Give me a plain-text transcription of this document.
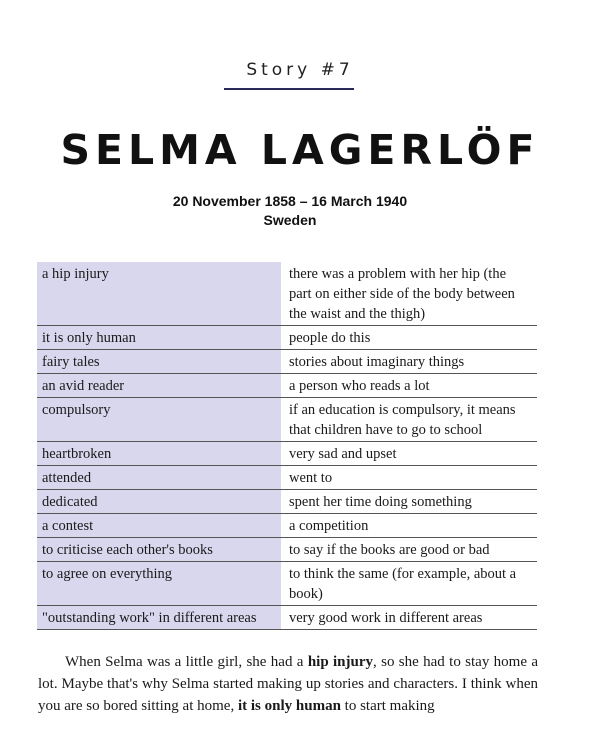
Story #7
SELMA LAGERLÖF
20 November 1858 – 16 March 1940
Sweden
a hip injury	there was a problem with her hip (the part on either side of the body between the waist and the thigh)
it is only human	people do this
fairy tales	stories about imaginary things
an avid reader	a person who reads a lot
compulsory	if an education is compulsory, it means that children have to go to school
heartbroken	very sad and upset
attended	went to
dedicated	spent her time doing something
a contest	a competition
to criticise each other's books	to say if the books are good or bad
to agree on everything	to think the same (for example, about a book)
"outstanding work" in different areas	very good work in different areas

When Selma was a little girl, she had a hip injury, so she had to stay home a lot. Maybe that's why Selma started making up stories and characters. I think when you are so bored sitting at home, it is only human to start making
